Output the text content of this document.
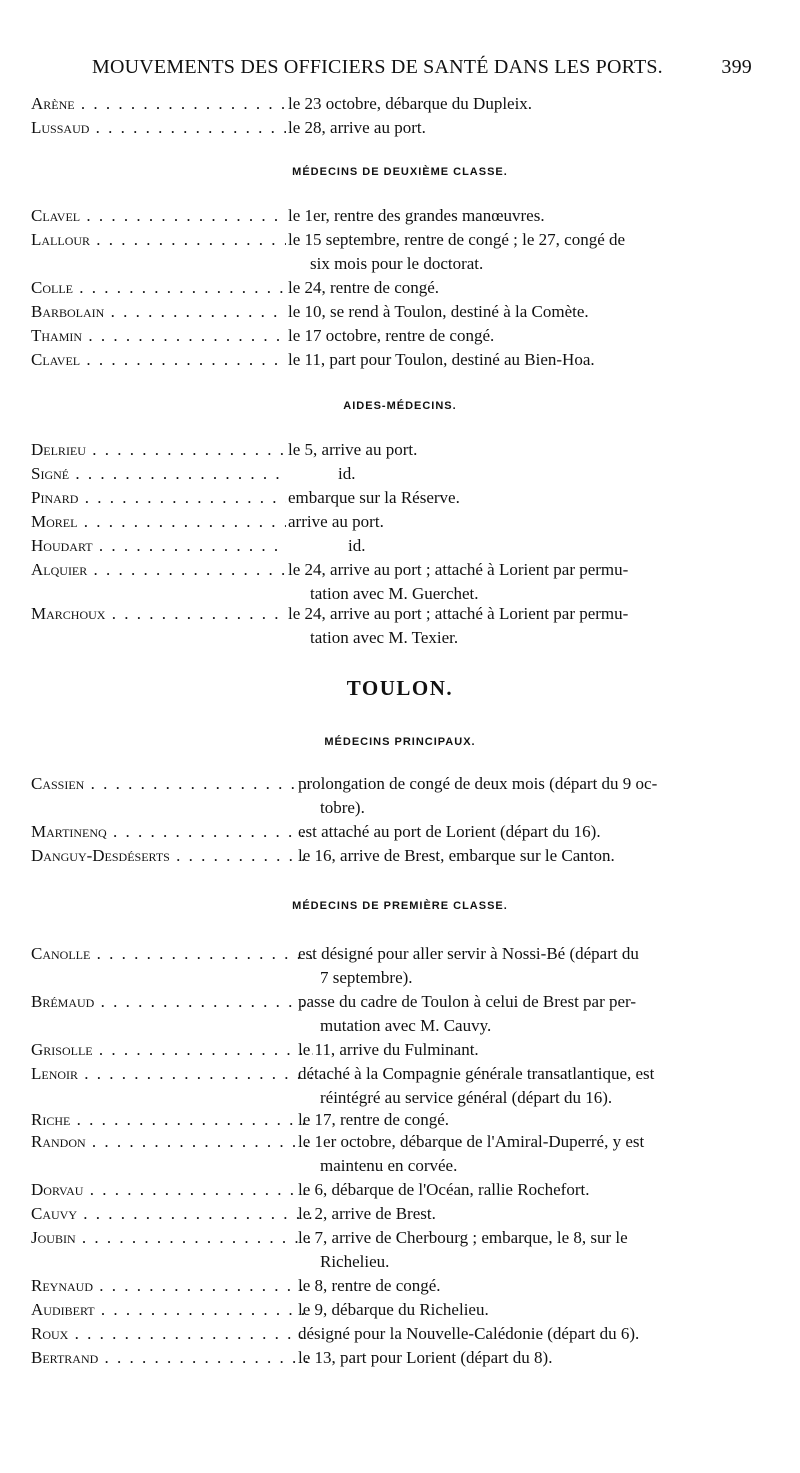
MOUVEMENTS DES OFFICIERS DE SANTÉ DANS LES PORTS.	399
Arène . . .	le 23 octobre, débarque du Dupleix.
Lussaud . . .	le 28, arrive au port.
MÉDECINS DE DEUXIÈME CLASSE.
Clavel . . .	le 1er, rentre des grandes manœuvres.
Lallour . . .	le 15 septembre, rentre de congé ; le 27, congé de
six mois pour le doctorat.
Colle . . .	le 24, rentre de congé.
Barbolain . . .	le 10, se rend à Toulon, destiné à la Comète.
Thamin . . .	le 17 octobre, rentre de congé.
Clavel . . .	le 11, part pour Toulon, destiné au Bien-Hoa.
AIDES-MÉDECINS.
Delrieu . . .	le 5, arrive au port.
Signé . . .	id.
Pinard . . .	embarque sur la Réserve.
Morel . . .	arrive au port.
Houdart . . .	id.
Alquier . . .	le 24, arrive au port ; attaché à Lorient par permu-
tation avec M. Guerchet.
Marchoux . . .	le 24, arrive au port ; attaché à Lorient par permu-
tation avec M. Texier.
TOULON.
MÉDECINS PRINCIPAUX.
Cassien . . .	prolongation de congé de deux mois (départ du 9 oc-
tobre).
Martinenq . . .	est attaché au port de Lorient (départ du 16).
Danguy-Desdéserts . . .	le 16, arrive de Brest, embarque sur le Canton.
MÉDECINS DE PREMIÈRE CLASSE.
Canolle . . .	est désigné pour aller servir à Nossi-Bé (départ du
7 septembre).
Brémaud . . .	passe du cadre de Toulon à celui de Brest par per-
mutation avec M. Cauvy.
Grisolle . . .	le 11, arrive du Fulminant.
Lenoir . . .	détaché à la Compagnie générale transatlantique, est
réintégré au service général (départ du 16).
Riche . . .	le 17, rentre de congé.
Randon . . .	le 1er octobre, débarque de l'Amiral-Duperré, y est
maintenu en corvée.
Dorvau . . .	le 6, débarque de l'Océan, rallie Rochefort.
Cauvy . . .	le 2, arrive de Brest.
Joubin . . .	le 7, arrive de Cherbourg ; embarque, le 8, sur le
Richelieu.
Reynaud . . .	le 8, rentre de congé.
Audibert . . .	le 9, débarque du Richelieu.
Roux . . .	désigné pour la Nouvelle-Calédonie (départ du 6).
Bertrand . . .	le 13, part pour Lorient (départ du 8).
